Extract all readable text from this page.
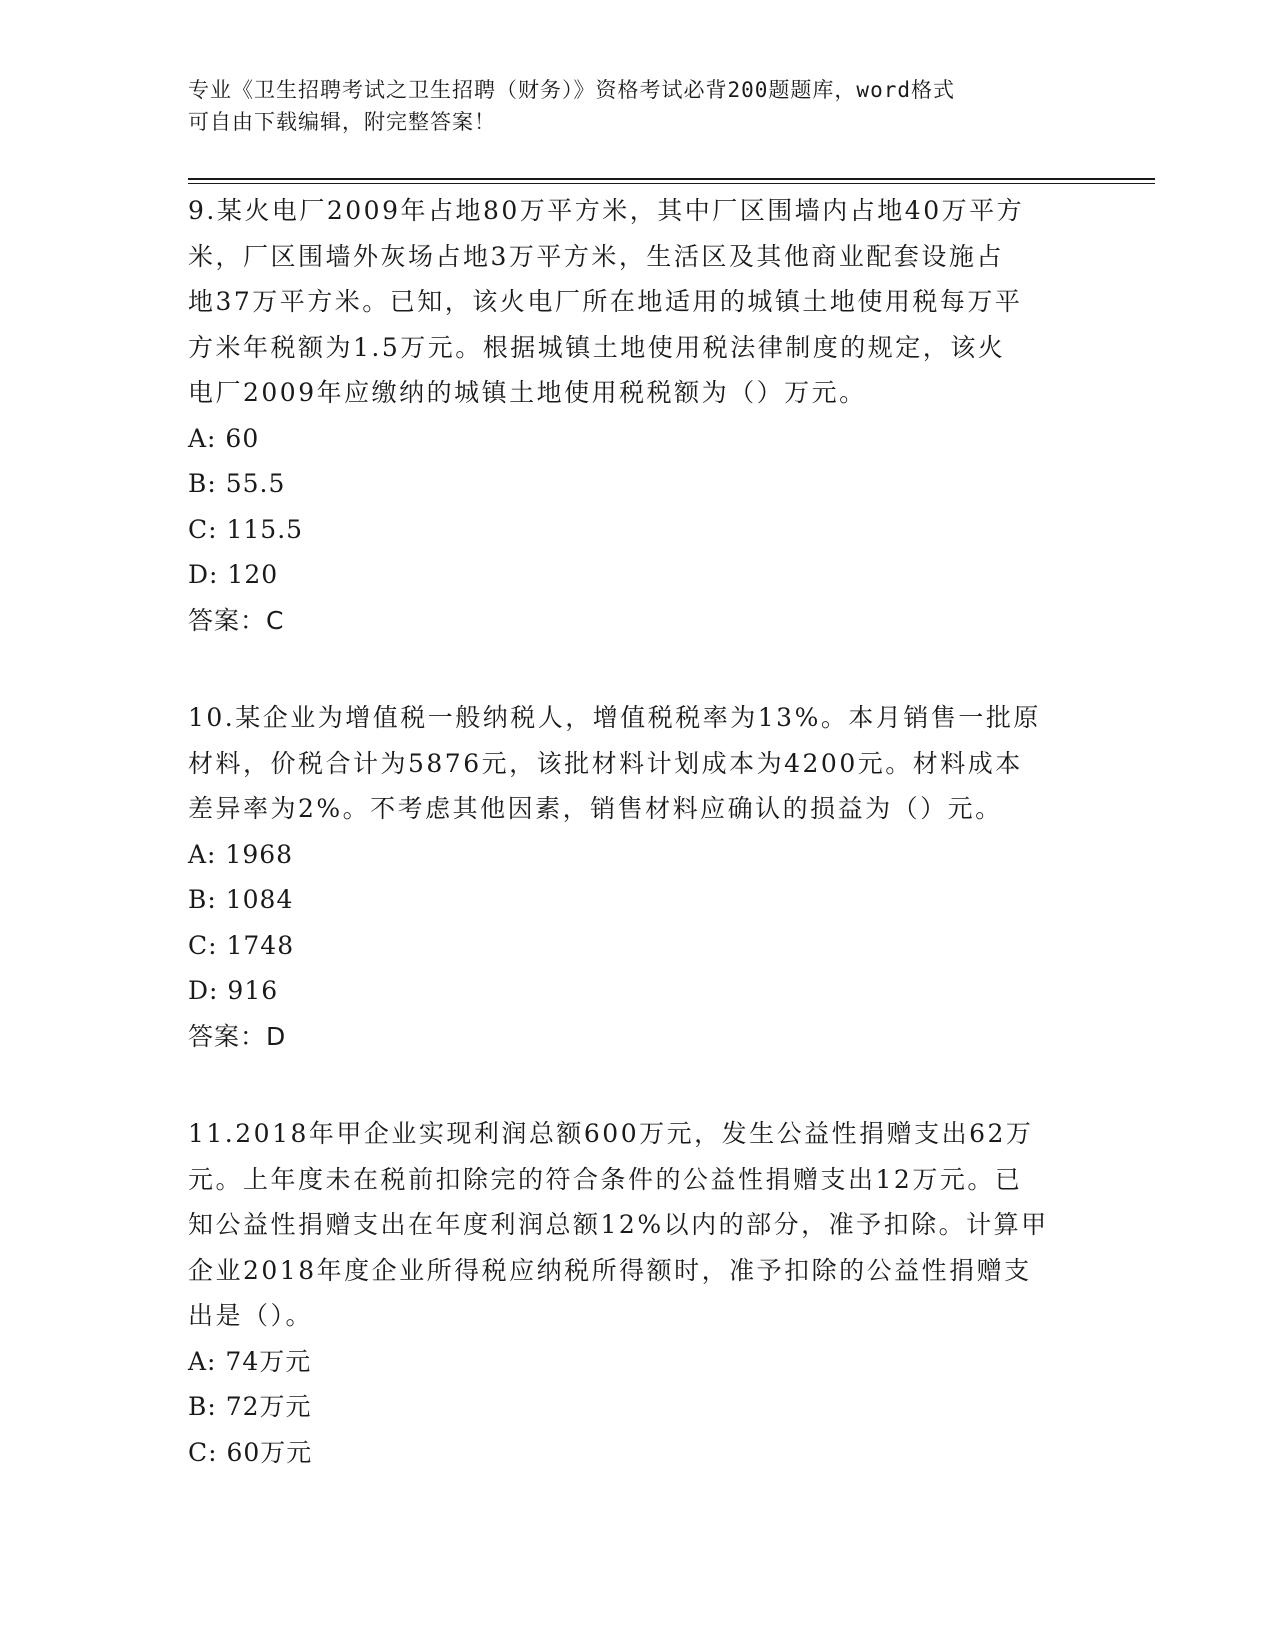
专业《卫生招聘考试之卫生招聘（财务）》资格考试必背200题题库，word格式
可自由下载编辑，附完整答案！

9.某火电厂2009年占地80万平方米，其中厂区围墙内占地40万平方

米，厂区围墙外灰场占地3万平方米，生活区及其他商业配套设施占

地37万平方米。已知，该火电厂所在地适用的城镇土地使用税每万平

方米年税额为1.5万元。根据城镇土地使用税法律制度的规定，该火

电厂2009年应缴纳的城镇土地使用税税额为（）万元。

A: 60

B: 55.5

C: 115.5

D: 120

答案：C

10.某企业为增值税一般纳税人，增值税税率为13%。本月销售一批原

材料，价税合计为5876元，该批材料计划成本为4200元。材料成本

差异率为2%。不考虑其他因素，销售材料应确认的损益为（）元。

A: 1968

B: 1084

C: 1748

D: 916

答案：D

11.2018年甲企业实现利润总额600万元，发生公益性捐赠支出62万

元。上年度未在税前扣除完的符合条件的公益性捐赠支出12万元。已

知公益性捐赠支出在年度利润总额12%以内的部分，准予扣除。计算甲

企业2018年度企业所得税应纳税所得额时，准予扣除的公益性捐赠支

出是（）。

A: 74万元

B: 72万元

C: 60万元
